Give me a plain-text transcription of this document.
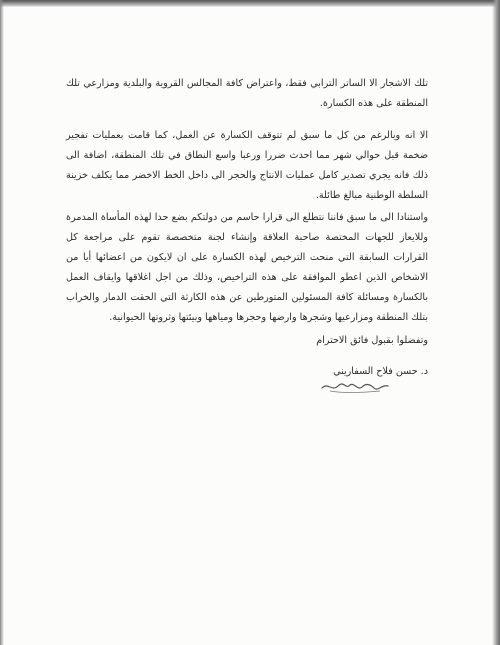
تلك الاشجار الا الساتر الترابي فقط، واعتراض كافة المجالس القروية والبلدية ومزارعي تلك المنطقة على هذه الكسارة.
الا انه وبالرغم من كل ما سبق لم تتوقف الكسارة عن العمل، كما قامت بعمليات تفجير ضخمة قبل حوالي شهر مما احدث ضررا ورعبا واسع النطاق في تلك المنطقة، اضافة الى ذلك فانه يجري تصدير كامل عمليات الانتاج والحجر الى داخل الخط الاخضر مما يكلف خزينة السلطة الوطنية مبالغ طائلة.
واستنادا الى ما سبق فاننا نتطلع الى قرارا حاسم من دولتكم بضع حدا لهذه المأساة المدمرة وللايعاز للجهات المختصة صاحبة العلاقة وإنشاء لجنة متخصصة تقوم على مراجعة كل القرارات السابقة التي منحت الترخيص لهذه الكسارة على ان لايكون من اعضائها أيا من الاشخاص الذين اعطو الموافقة على هذه التراخيص، وذلك من اجل اغلاقها وايقاف العمل بالكسارة ومسائلة كافة المسئولين المتورطين عن هذه الكارثة التي الحقت الدمار والخراب بتلك المنطقة ومزارعيها وشجرها وارضها وحجرها ومياهها وبيئتها وثروتها الحيوانية.
وتفضلوا بقبول فائق الاحترام
د. حسن فلاح السفاريني
